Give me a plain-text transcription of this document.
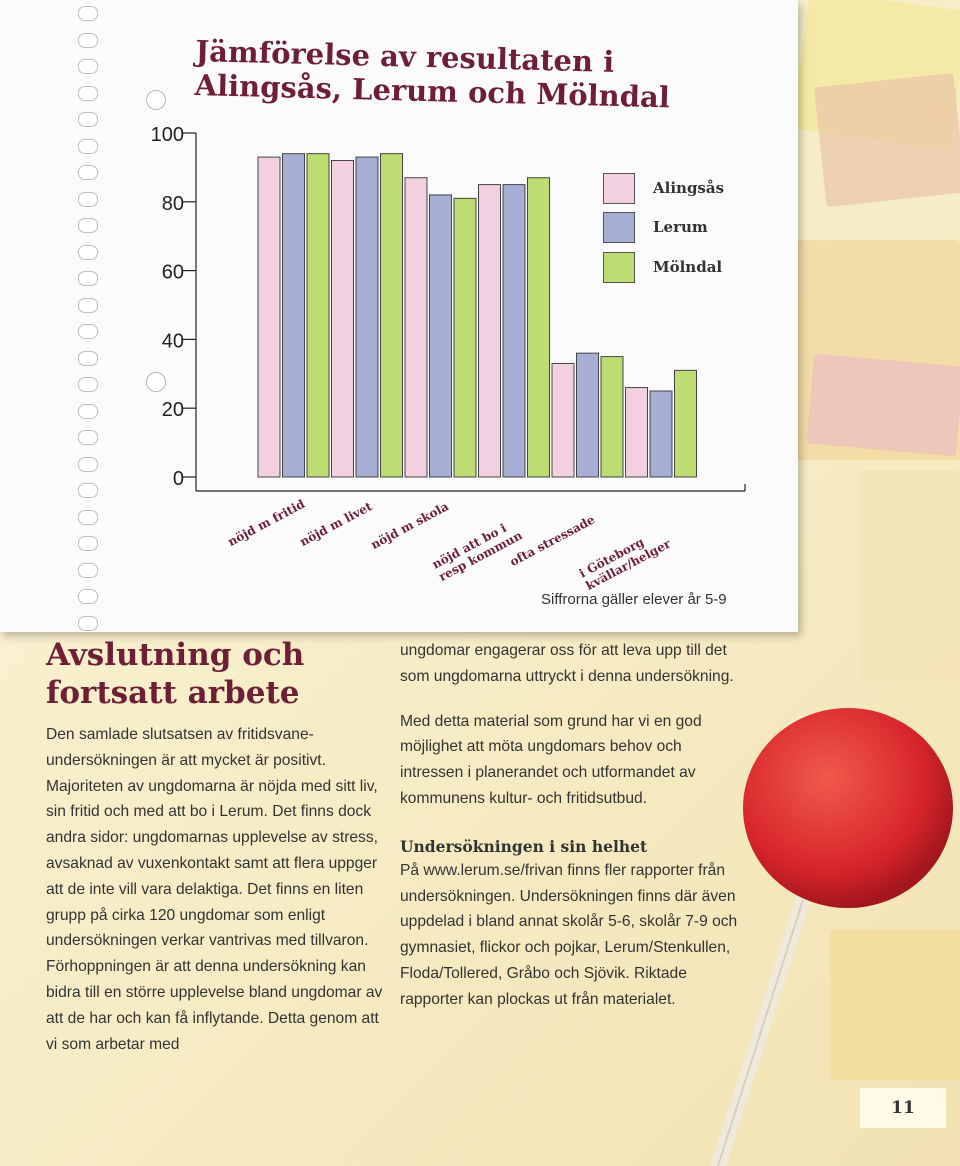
Jämförelse av resultaten i
Alingsås, Lerum och Mölndal
0
20
40
60
80
100
Alingsås
Lerum
Mölndal
nöjd m fritid
nöjd m livet
nöjd m skola
nöjd att bo i
resp kommun
ofta stressade
i Göteborg
kvällar/helger
Siffrorna gäller elever år 5-9
Avslutning och
fortsatt arbete

Den samlade slutsatsen av fritidsvaneundersökningen är att mycket är positivt. Majoriteten av ungdomarna är nöjda med sitt liv, sin fritid och med att bo i Lerum. Det finns dock andra sidor: ungdomarnas upplevelse av stress, avsaknad av vuxenkontakt samt att flera uppger att de inte vill vara delaktiga. Det finns en liten grupp på cirka 120 ungdomar som enligt undersökningen verkar vantrivas med tillvaron. Förhoppningen är att denna undersökning kan bidra till en större upplevelse bland ungdomar av att de har och kan få inflytande. Detta genom att vi som arbetar med

ungdomar engagerar oss för att leva upp till det som ungdomarna uttryckt i denna undersökning.

Med detta material som grund har vi en god möjlighet att möta ungdomars behov och intressen i planerandet och utformandet av kommunens kultur- och fritidsutbud.

Undersökningen i sin helhet

På www.lerum.se/frivan finns fler rapporter från undersökningen. Undersökningen finns där även uppdelad i bland annat skolår 5-6, skolår 7-9 och gymnasiet, flickor och pojkar, Lerum/Stenkullen, Floda/Tollered, Gråbo och Sjövik. Riktade rapporter kan plockas ut från materialet.

11
